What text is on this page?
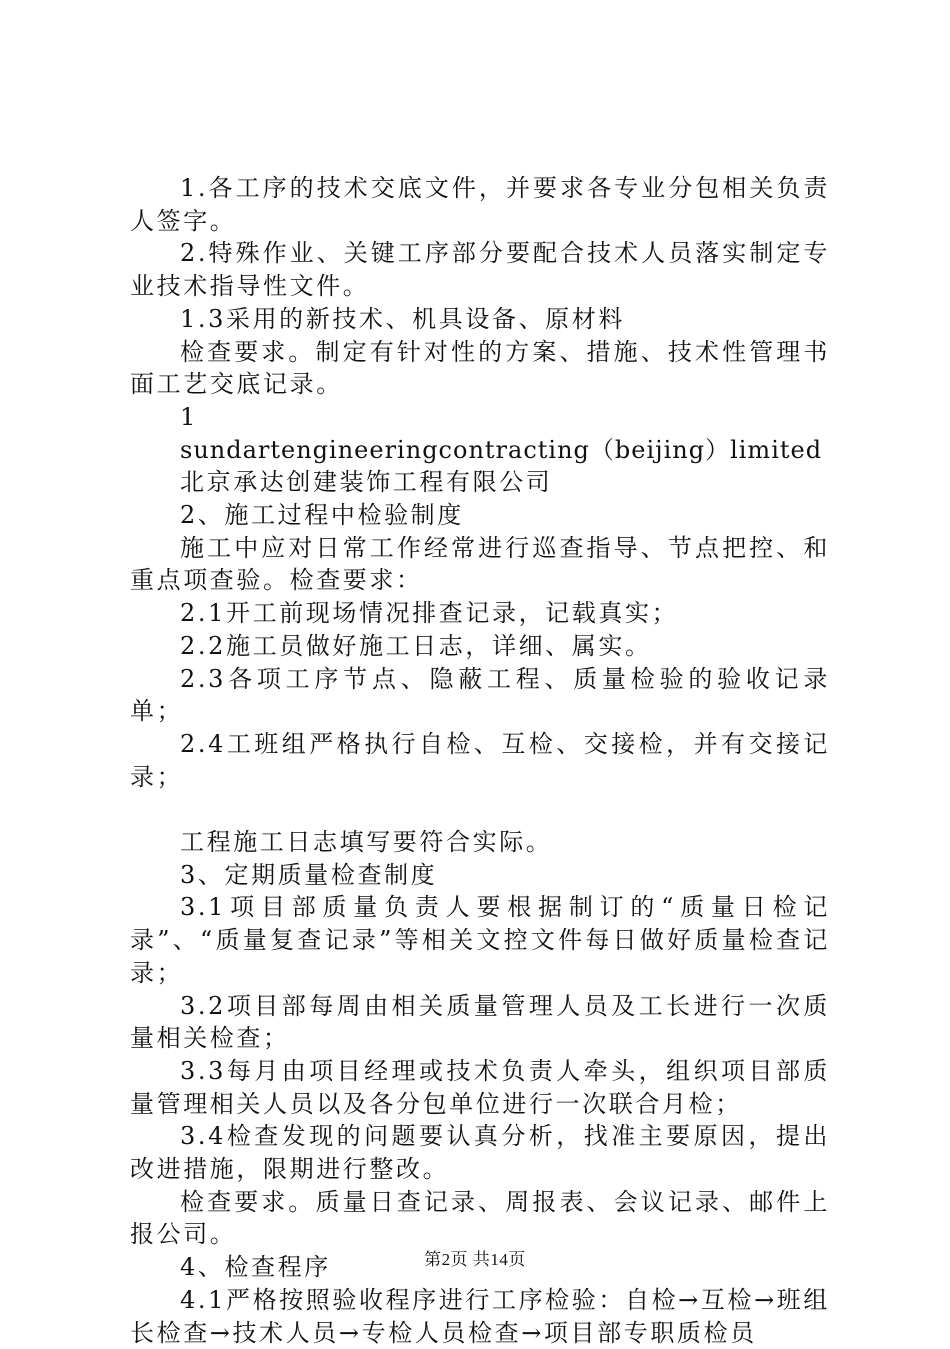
1.各工序的技术交底文件，并要求各专业分包相关负责人签字。

2.特殊作业、关键工序部分要配合技术人员落实制定专业技术指导性文件。

1.3采用的新技术、机具设备、原材料

检查要求。制定有针对性的方案、措施、技术性管理书面工艺交底记录。

1

sundartengineeringcontracting（beijing）limited

北京承达创建装饰工程有限公司

2、施工过程中检验制度

施工中应对日常工作经常进行巡查指导、节点把控、和重点项查验。检查要求：

2.1开工前现场情况排查记录，记载真实；

2.2施工员做好施工日志，详细、属实。

2.3各项工序节点、隐蔽工程、质量检验的验收记录单；

2.4工班组严格执行自检、互检、交接检，并有交接记录；

工程施工日志填写要符合实际。

3、定期质量检查制度

3.1项目部质量负责人要根据制订的“质量日检记录”、“质量复查记录”等相关文控文件每日做好质量检查记录；

3.2项目部每周由相关质量管理人员及工长进行一次质量相关检查；

3.3每月由项目经理或技术负责人牵头，组织项目部质量管理相关人员以及各分包单位进行一次联合月检；

3.4检查发现的问题要认真分析，找准主要原因，提出改进措施，限期进行整改。

检查要求。质量日查记录、周报表、会议记录、邮件上报公司。

4、检查程序

4.1严格按照验收程序进行工序检验：自检→互检→班组长检查→技术人员→专检人员检查→项目部专职质检员

第2页 共14页
